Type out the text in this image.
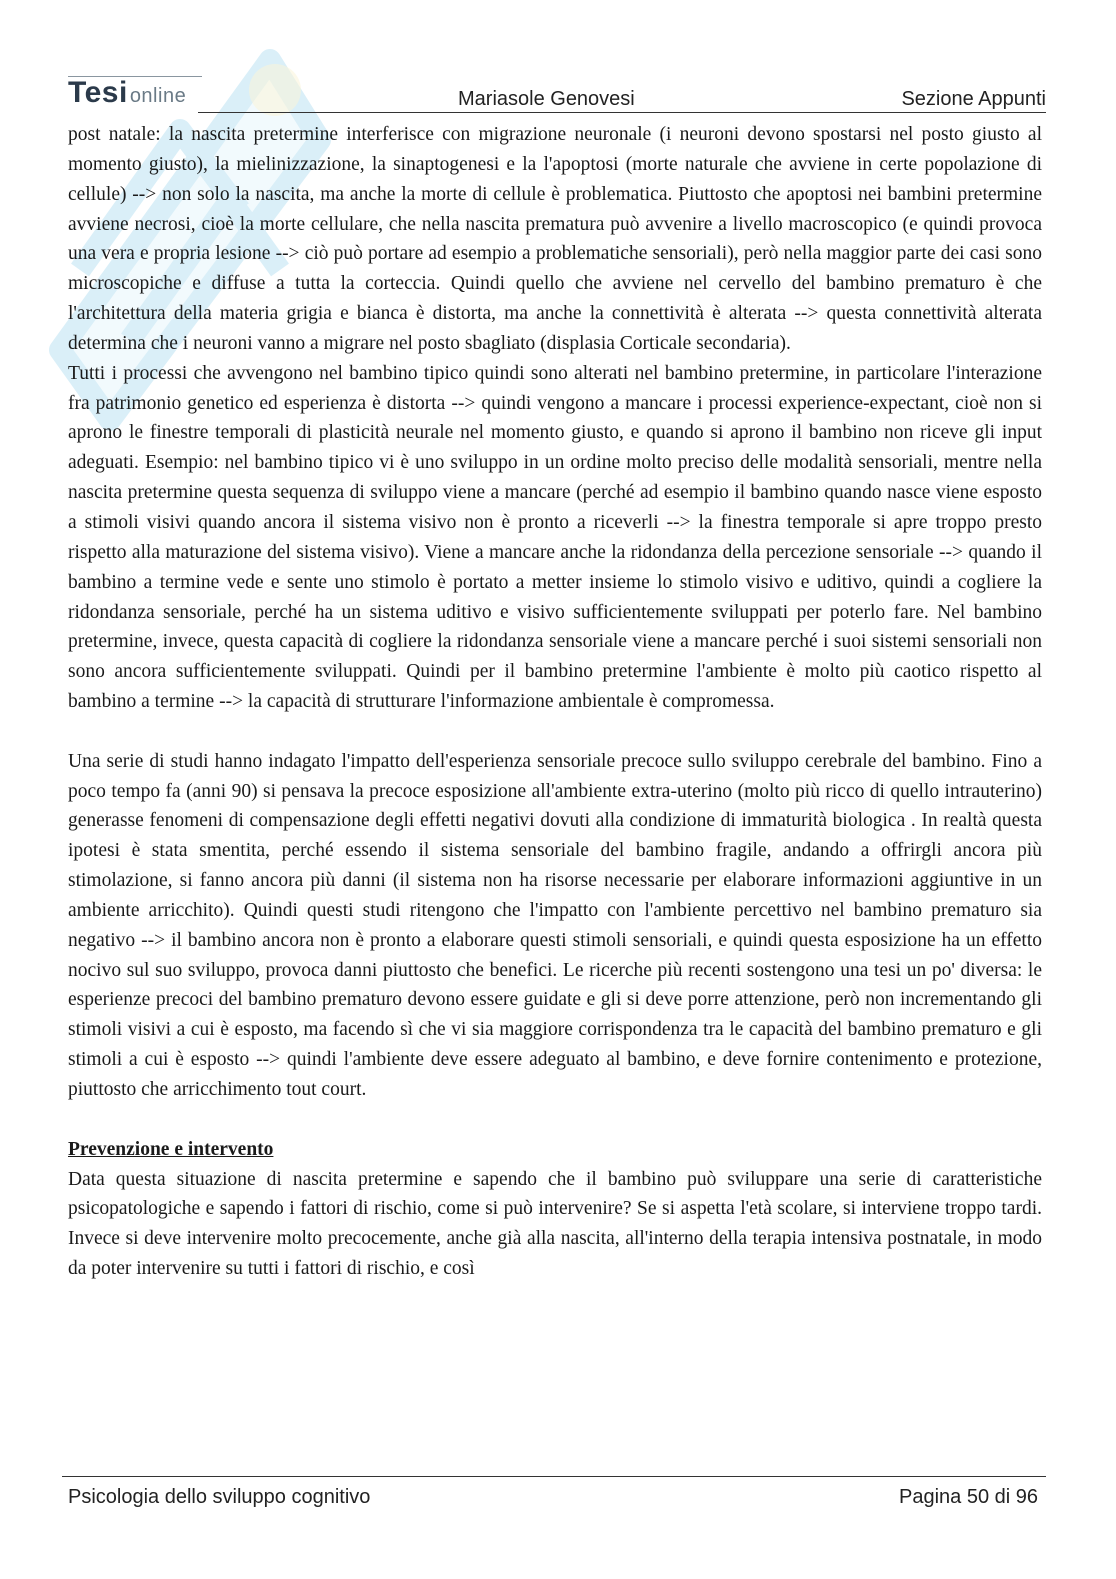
Tesi online	Mariasole Genovesi	Sezione Appunti

post natale: la nascita pretermine interferisce con migrazione neuronale (i neuroni devono spostarsi nel posto giusto al momento giusto), la mielinizzazione, la sinaptogenesi e la l'apoptosi (morte naturale che avviene in certe popolazione di cellule) --> non solo la nascita, ma anche la morte di cellule è problematica. Piuttosto che apoptosi nei bambini pretermine avviene necrosi, cioè la morte cellulare, che nella nascita prematura può avvenire a livello macroscopico (e quindi provoca una vera e propria lesione --> ciò può portare ad esempio a problematiche sensoriali), però nella maggior parte dei casi sono microscopiche e diffuse a tutta la corteccia. Quindi quello che avviene nel cervello del bambino prematuro è che l'architettura della materia grigia e bianca è distorta, ma anche la connettività è alterata --> questa connettività alterata determina che i neuroni vanno a migrare nel posto sbagliato (displasia Corticale secondaria).

Tutti i processi che avvengono nel bambino tipico quindi sono alterati nel bambino pretermine, in particolare l'interazione fra patrimonio genetico ed esperienza è distorta --> quindi vengono a mancare i processi experience-expectant, cioè non si aprono le finestre temporali di plasticità neurale nel momento giusto, e quando si aprono il bambino non riceve gli input adeguati. Esempio: nel bambino tipico vi è uno sviluppo in un ordine molto preciso delle modalità sensoriali, mentre nella nascita pretermine questa sequenza di sviluppo viene a mancare (perché ad esempio il bambino quando nasce viene esposto a stimoli visivi quando ancora il sistema visivo non è pronto a riceverli --> la finestra temporale si apre troppo presto rispetto alla maturazione del sistema visivo). Viene a mancare anche la ridondanza della percezione sensoriale --> quando il bambino a termine vede e sente uno stimolo è portato a metter insieme lo stimolo visivo e uditivo, quindi a cogliere la ridondanza sensoriale, perché ha un sistema uditivo e visivo sufficientemente sviluppati per poterlo fare. Nel bambino pretermine, invece, questa capacità di cogliere la ridondanza sensoriale viene a mancare perché i suoi sistemi sensoriali non sono ancora sufficientemente sviluppati. Quindi per il bambino pretermine l'ambiente è molto più caotico rispetto al bambino a termine --> la capacità di strutturare l'informazione ambientale è compromessa.

Una serie di studi hanno indagato l'impatto dell'esperienza sensoriale precoce sullo sviluppo cerebrale del bambino. Fino a poco tempo fa (anni 90) si pensava la precoce esposizione all'ambiente extra-uterino (molto più ricco di quello intrauterino) generasse fenomeni di compensazione degli effetti negativi dovuti alla condizione di immaturità biologica . In realtà questa ipotesi è stata smentita, perché essendo il sistema sensoriale del bambino fragile, andando a offrirgli ancora più stimolazione, si fanno ancora più danni (il sistema non ha risorse necessarie per elaborare informazioni aggiuntive in un ambiente arricchito). Quindi questi studi ritengono che l'impatto con l'ambiente percettivo nel bambino prematuro sia negativo --> il bambino ancora non è pronto a elaborare questi stimoli sensoriali, e quindi questa esposizione ha un effetto nocivo sul suo sviluppo, provoca danni piuttosto che benefici. Le ricerche più recenti sostengono una tesi un po' diversa: le esperienze precoci del bambino prematuro devono essere guidate e gli si deve porre attenzione, però non incrementando gli stimoli visivi a cui è esposto, ma facendo sì che vi sia maggiore corrispondenza tra le capacità del bambino prematuro e gli stimoli a cui è esposto --> quindi l'ambiente deve essere adeguato al bambino, e deve fornire contenimento e protezione, piuttosto che arricchimento tout court.

Prevenzione e intervento

Data questa situazione di nascita pretermine e sapendo che il bambino può sviluppare una serie di caratteristiche psicopatologiche e sapendo i fattori di rischio, come si può intervenire? Se si aspetta l'età scolare, si interviene troppo tardi. Invece si deve intervenire molto precocemente, anche già alla nascita, all'interno della terapia intensiva postnatale, in modo da poter intervenire su tutti i fattori di rischio, e così

Psicologia dello sviluppo cognitivo	Pagina 50 di 96
